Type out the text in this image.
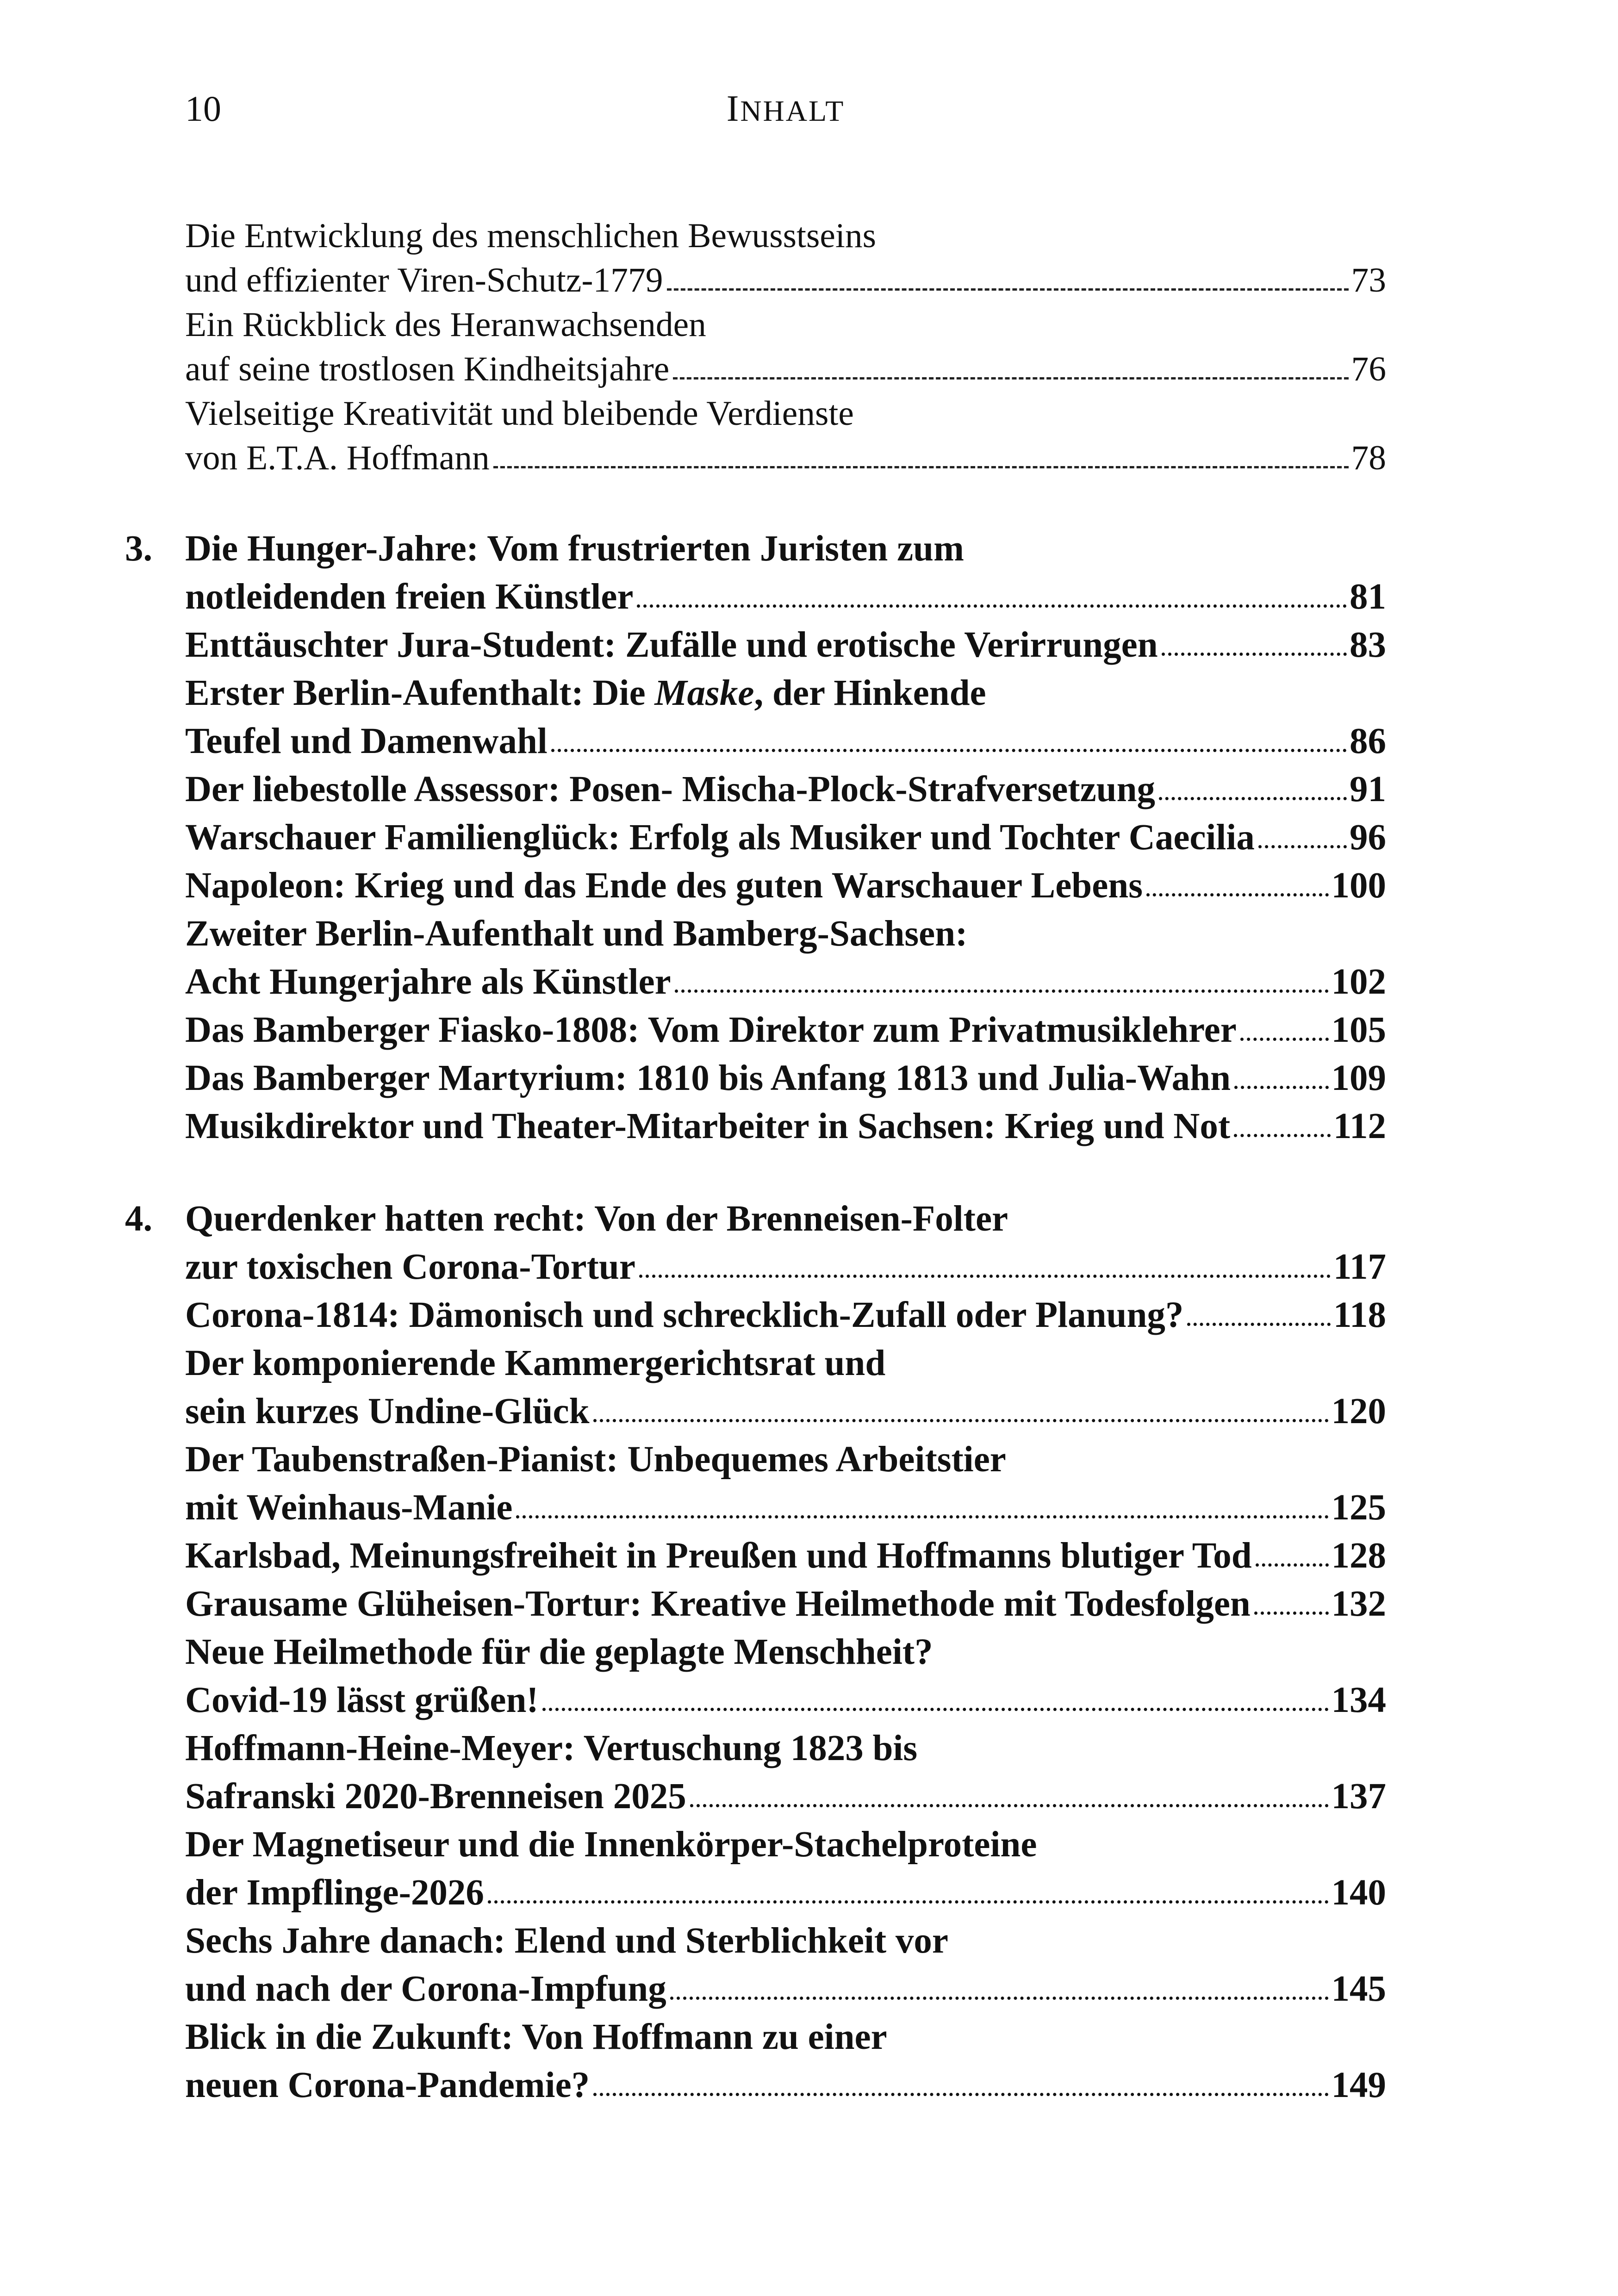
10	INHALT
Die Entwicklung des menschlichen Bewusstseins
und effizienter Viren-Schutz-1779	73
Ein Rückblick des Heranwachsenden
auf seine trostlosen Kindheitsjahre	76
Vielseitige Kreativität und bleibende Verdienste
von E.T.A. Hoffmann	78
3. Die Hunger-Jahre: Vom frustrierten Juristen zum
notleidenden freien Künstler	81
Enttäuschter Jura-Student: Zufälle und erotische Verirrungen	83
Erster Berlin-Aufenthalt: Die Maske, der Hinkende
Teufel und Damenwahl	86
Der liebestolle Assessor: Posen- Mischa-Plock-Strafversetzung	91
Warschauer Familienglück: Erfolg als Musiker und Tochter Caecilia	96
Napoleon: Krieg und das Ende des guten Warschauer Lebens	100
Zweiter Berlin-Aufenthalt und Bamberg-Sachsen:
Acht Hungerjahre als Künstler	102
Das Bamberger Fiasko-1808: Vom Direktor zum Privatmusiklehrer	105
Das Bamberger Martyrium: 1810 bis Anfang 1813 und Julia-Wahn	109
Musikdirektor und Theater-Mitarbeiter in Sachsen: Krieg und Not	112
4. Querdenker hatten recht: Von der Brenneisen-Folter
zur toxischen Corona-Tortur	117
Corona-1814: Dämonisch und schrecklich-Zufall oder Planung?	118
Der komponierende Kammergerichtsrat und
sein kurzes Undine-Glück	120
Der Taubenstraßen-Pianist: Unbequemes Arbeitstier
mit Weinhaus-Manie	125
Karlsbad, Meinungsfreiheit in Preußen und Hoffmanns blutiger Tod 128
Grausame Glüheisen-Tortur: Kreative Heilmethode mit Todesfolgen 132
Neue Heilmethode für die geplagte Menschheit?
Covid-19 lässt grüßen!	134
Hoffmann-Heine-Meyer: Vertuschung 1823 bis
Safranski 2020-Brenneisen 2025	137
Der Magnetiseur und die Innenkörper-Stachelproteine
der Impflinge-2026	140
Sechs Jahre danach: Elend und Sterblichkeit vor
und nach der Corona-Impfung	145
Blick in die Zukunft: Von Hoffmann zu einer
neuen Corona-Pandemie?	149
